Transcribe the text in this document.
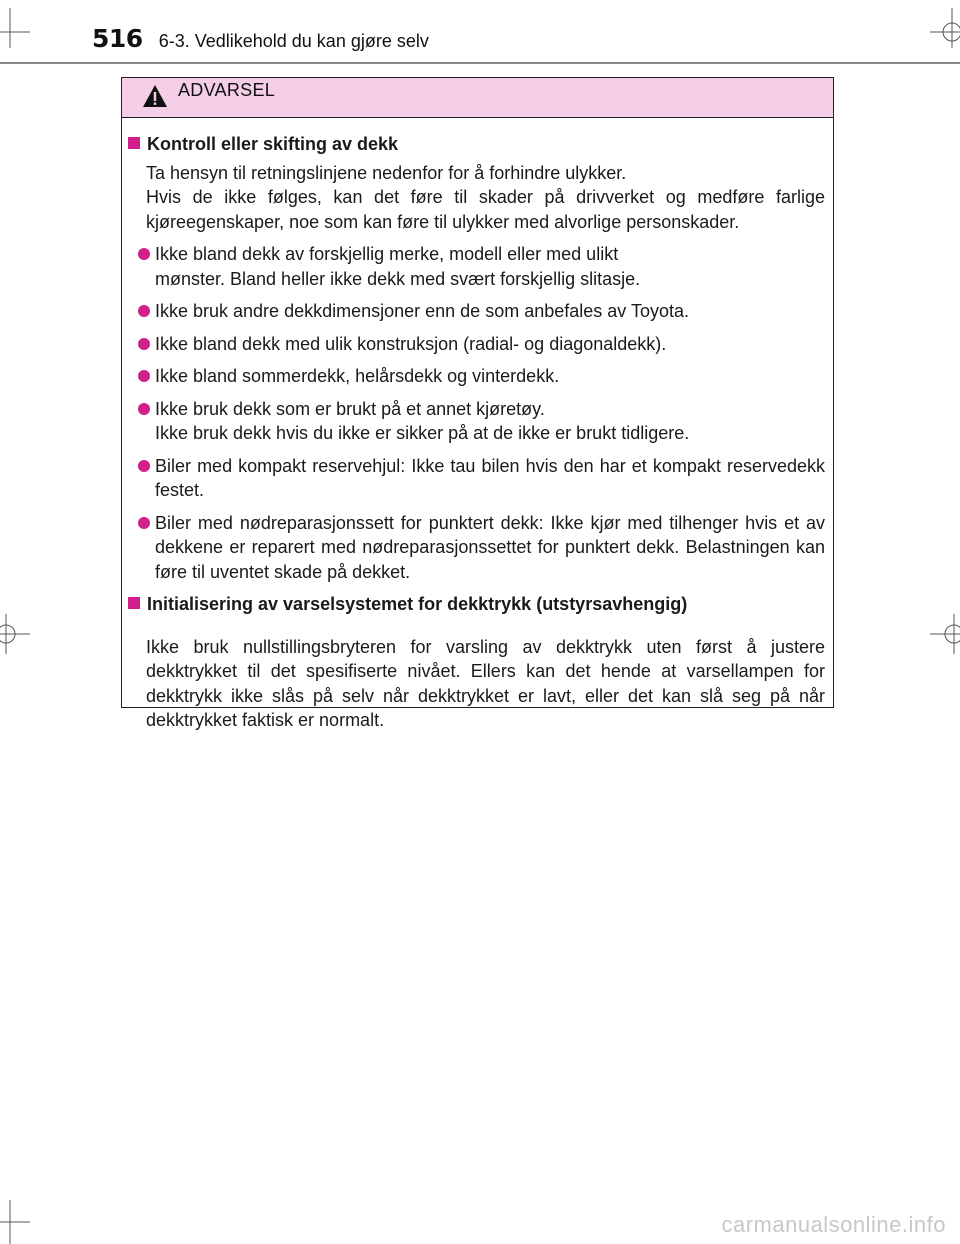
516 6-3. Vedlikehold du kan gjøre selv
ADVARSEL
Kontroll eller skifting av dekk

Ta hensyn til retningslinjene nedenfor for å forhindre ulykker.

Hvis de ikke følges, kan det føre til skader på drivverket og medføre farlige kjøreegenskaper, noe som kan føre til ulykker med alvorlige personskader.

Ikke bland dekk av forskjellig merke, modell eller med ulikt

mønster. Bland heller ikke dekk med svært forskjellig slitasje.

Ikke bruk andre dekkdimensjoner enn de som anbefales av Toyota.

Ikke bland dekk med ulik konstruksjon (radial- og diagonaldekk).

Ikke bland sommerdekk, helårsdekk og vinterdekk.

Ikke bruk dekk som er brukt på et annet kjøretøy.

Ikke bruk dekk hvis du ikke er sikker på at de ikke er brukt tidligere.

Biler med kompakt reservehjul: Ikke tau bilen hvis den har et kompakt reservedekk festet.

Biler med nødreparasjonssett for punktert dekk: Ikke kjør med tilhenger hvis et av dekkene er reparert med nødreparasjonssettet for punktert dekk. Belastningen kan føre til uventet skade på dekket.

Initialisering av varselsystemet for dekktrykk (utstyrsavhengig)

Ikke bruk nullstillingsbryteren for varsling av dekktrykk uten først å justere dekktrykket til det spesifiserte nivået. Ellers kan det hende at varsellampen for dekktrykk ikke slås på selv når dekktrykket er lavt, eller det kan slå seg på når dekktrykket faktisk er normalt.

carmanualsonline.info
